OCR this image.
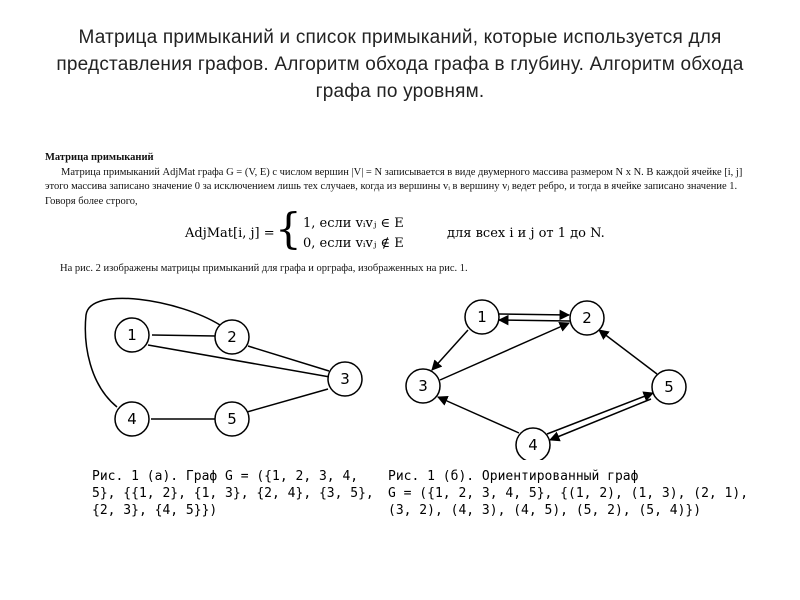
Матрица примыканий и список примыканий, которые используется для представления графов. Алгоритм обхода графа в глубину. Алгоритм обхода графа по уровням.
Матрица примыканий
Матрица примыканий AdjMat графа G = (V, E) с числом вершин |V| = N записывается в виде двумерного массива размером N x N. В каждой ячейке [i, j] этого массива записано значение 0 за исключением лишь тех случаев, когда из вершины vᵢ в вершину vⱼ ведет ребро, и тогда в ячейке записано значение 1. Говоря более строго,
AdjMat[i, j] = { 1, если vᵢvⱼ ∈ E
0, если vᵢvⱼ ∉ E
для всех i и j от 1 до N.
На рис. 2 изображены матрицы примыканий для графа и орграфа, изображенных на рис. 1.
1	2
3
4	5
1	2
3
4
5
Рис. 1 (а). Граф G = ({1, 2, 3, 4,
5}, {{1, 2}, {1, 3}, {2, 4}, {3, 5},
{2, 3}, {4, 5}})
Рис. 1 (б). Ориентированный граф
G = ({1, 2, 3, 4, 5}, {(1, 2), (1, 3), (2, 1),
(3, 2), (4, 3), (4, 5), (5, 2), (5, 4)})
